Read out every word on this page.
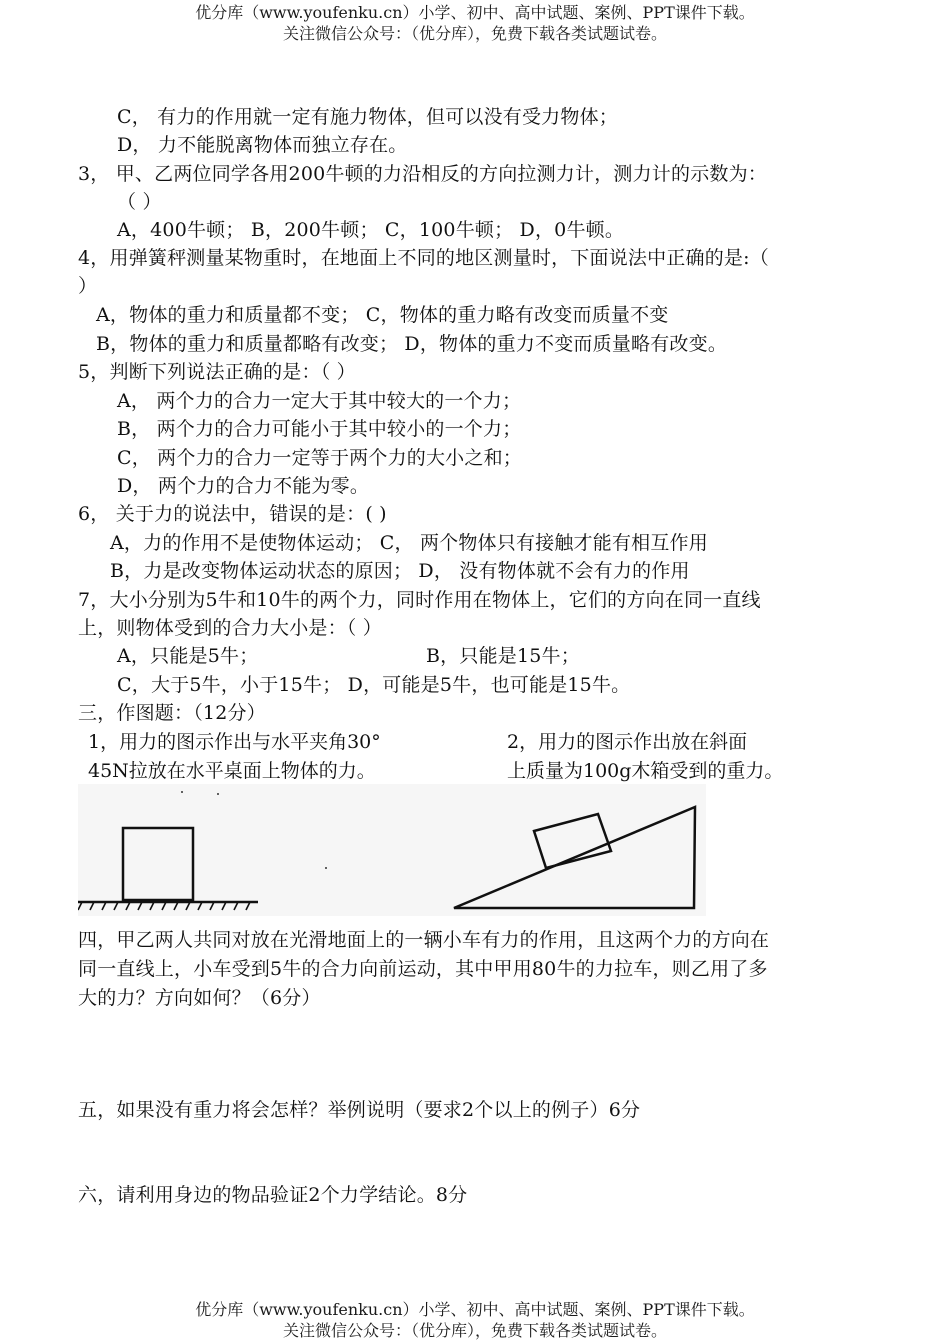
优分库（www.youfenku.cn）小学、初中、高中试题、案例、PPT课件下载。
关注微信公众号：（优分库），免费下载各类试题试卷。
C， 有力的作用就一定有施力物体，但可以没有受力物体；
D， 力不能脱离物体而独立存在。
3， 甲、乙两位同学各用200牛顿的力沿相反的方向拉测力计，测力计的示数为：
（ ）
A，400牛顿； B，200牛顿； C，100牛顿； D，0牛顿。
4，用弹簧秤测量某物重时，在地面上不同的地区测量时，下面说法中正确的是:（
）
A，物体的重力和质量都不变； C，物体的重力略有改变而质量不变
B，物体的重力和质量都略有改变； D，物体的重力不变而质量略有改变。
5，判断下列说法正确的是：（ ）
A， 两个力的合力一定大于其中较大的一个力；
B， 两个力的合力可能小于其中较小的一个力；
C， 两个力的合力一定等于两个力的大小之和；
D， 两个力的合力不能为零。
6， 关于力的说法中，错误的是：( )
A，力的作用不是使物体运动； C， 两个物体只有接触才能有相互作用
B，力是改变物体运动状态的原因； D， 没有物体就不会有力的作用
7，大小分别为5牛和10牛的两个力，同时作用在物体上，它们的方向在同一直线
上，则物体受到的合力大小是：（ ）
A，只能是5牛；	B，只能是15牛；
C，大于5牛，小于15牛； D，可能是5牛，也可能是15牛。
三，作图题：（12分）
1，用力的图示作出与水平夹角30°
45N拉放在水平桌面上物体的力。
2，用力的图示作出放在斜面
上质量为100g木箱受到的重力。
四，甲乙两人共同对放在光滑地面上的一辆小车有力的作用，且这两个力的方向在
同一直线上，小车受到5牛的合力向前运动，其中甲用80牛的力拉车，则乙用了多
大的力？方向如何？（6分）
五，如果没有重力将会怎样？举例说明（要求2个以上的例子）6分
六，请利用身边的物品验证2个力学结论。8分
优分库（www.youfenku.cn）小学、初中、高中试题、案例、PPT课件下载。
关注微信公众号：（优分库），免费下载各类试题试卷。
